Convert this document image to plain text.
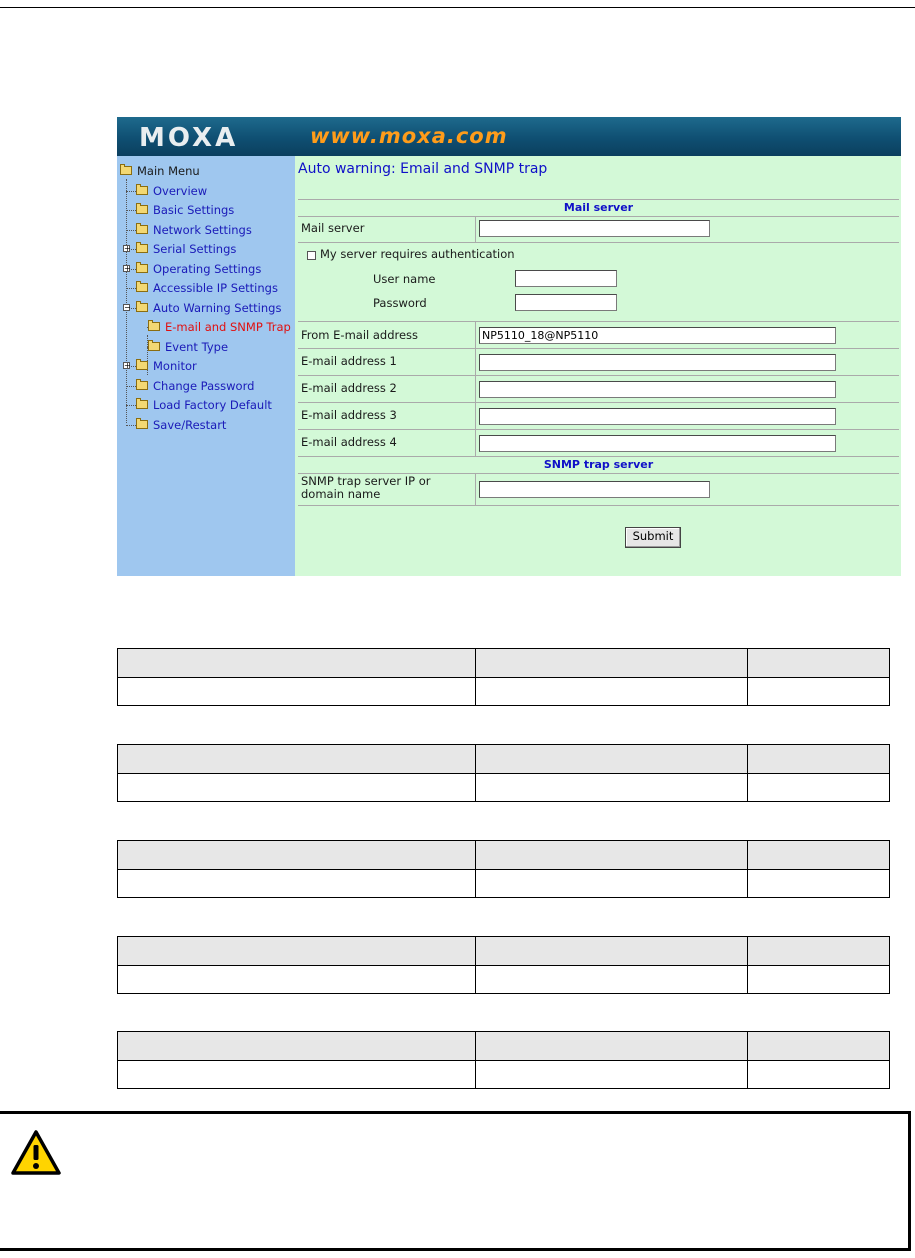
MOXA	www.moxa.com
Main Menu
Overview
Basic Settings
Network Settings
+ Serial Settings
+ Operating Settings
Accessible IP Settings
− Auto Warning Settings
E-mail and SNMP Trap
Event Type
+ Monitor
Change Password
Load Factory Default
Save/Restart
Auto warning: Email and SNMP trap
Mail server
Mail server
My server requires authentication
User name
Password
From E-mail address	NP5110_18@NP5110
E-mail address 1
E-mail address 2
E-mail address 3
E-mail address 4
SNMP trap server
SNMP trap server IP or
domain name
Submit
